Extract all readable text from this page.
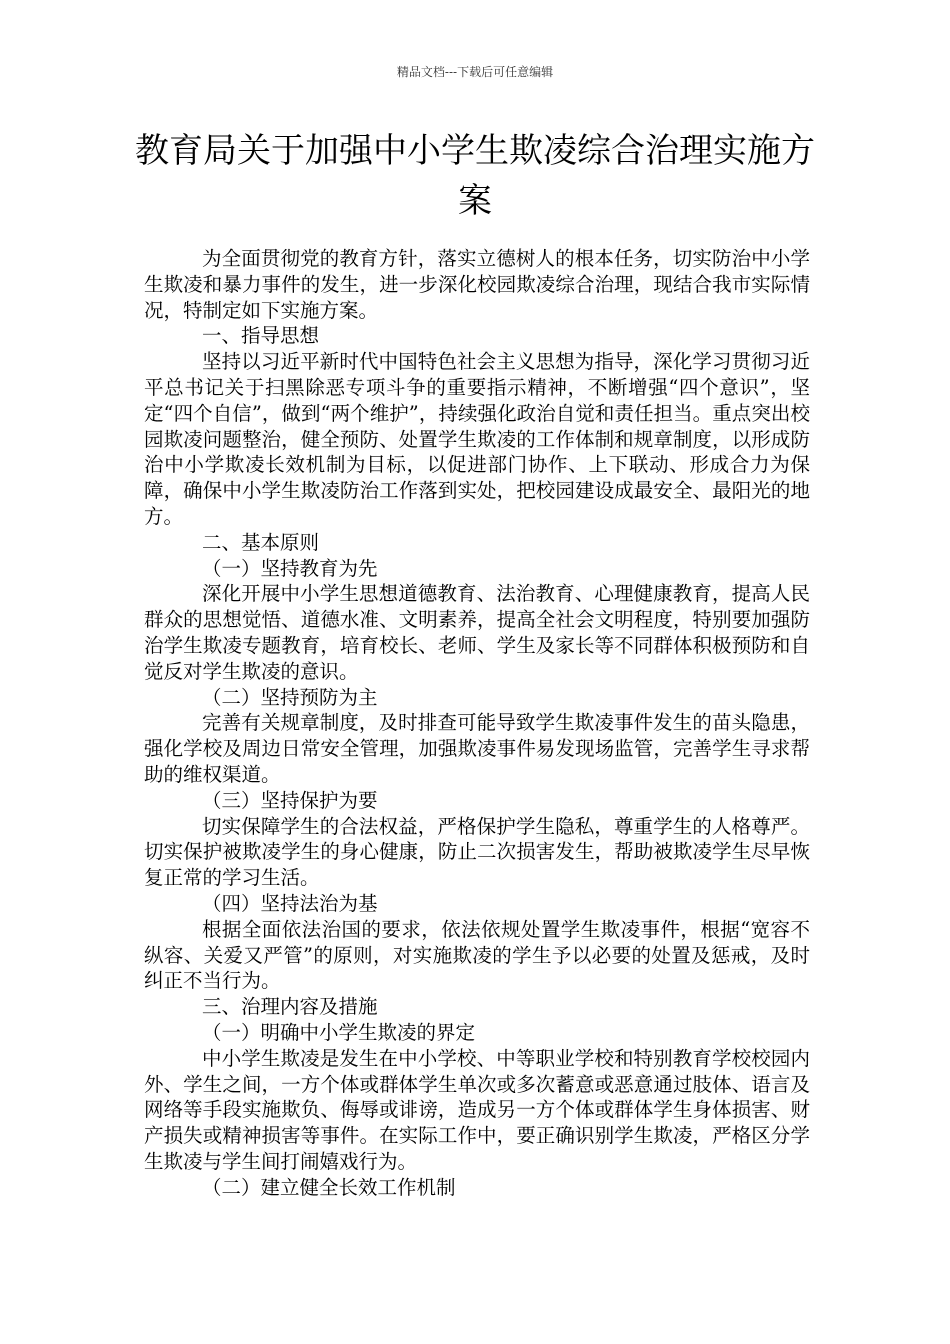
精品文档---下载后可任意编辑
教育局关于加强中小学生欺凌综合治理实施方案

为全面贯彻党的教育方针，落实立德树人的根本任务，切实防治中小学生欺凌和暴力事件的发生，进一步深化校园欺凌综合治理，现结合我市实际情况，特制定如下实施方案。

一、指导思想

坚持以习近平新时代中国特色社会主义思想为指导，深化学习贯彻习近平总书记关于扫黑除恶专项斗争的重要指示精神，不断增强“四个意识”，坚定“四个自信”，做到“两个维护”，持续强化政治自觉和责任担当。重点突出校园欺凌问题整治，健全预防、处置学生欺凌的工作体制和规章制度，以形成防治中小学欺凌长效机制为目标，以促进部门协作、上下联动、形成合力为保障，确保中小学生欺凌防治工作落到实处，把校园建设成最安全、最阳光的地方。

二、基本原则

（一）坚持教育为先

深化开展中小学生思想道德教育、法治教育、心理健康教育，提高人民群众的思想觉悟、道德水准、文明素养，提高全社会文明程度，特别要加强防治学生欺凌专题教育，培育校长、老师、学生及家长等不同群体积极预防和自觉反对学生欺凌的意识。

（二）坚持预防为主

完善有关规章制度，及时排查可能导致学生欺凌事件发生的苗头隐患，强化学校及周边日常安全管理，加强欺凌事件易发现场监管，完善学生寻求帮助的维权渠道。

（三）坚持保护为要

切实保障学生的合法权益，严格保护学生隐私，尊重学生的人格尊严。切实保护被欺凌学生的身心健康，防止二次损害发生，帮助被欺凌学生尽早恢复正常的学习生活。

（四）坚持法治为基

根据全面依法治国的要求，依法依规处置学生欺凌事件，根据“宽容不纵容、关爱又严管”的原则，对实施欺凌的学生予以必要的处置及惩戒，及时纠正不当行为。

三、治理内容及措施

（一）明确中小学生欺凌的界定

中小学生欺凌是发生在中小学校、中等职业学校和特别教育学校校园内外、学生之间，一方个体或群体学生单次或多次蓄意或恶意通过肢体、语言及网络等手段实施欺负、侮辱或诽谤，造成另一方个体或群体学生身体损害、财产损失或精神损害等事件。在实际工作中，要正确识别学生欺凌，严格区分学生欺凌与学生间打闹嬉戏行为。

（二）建立健全长效工作机制
